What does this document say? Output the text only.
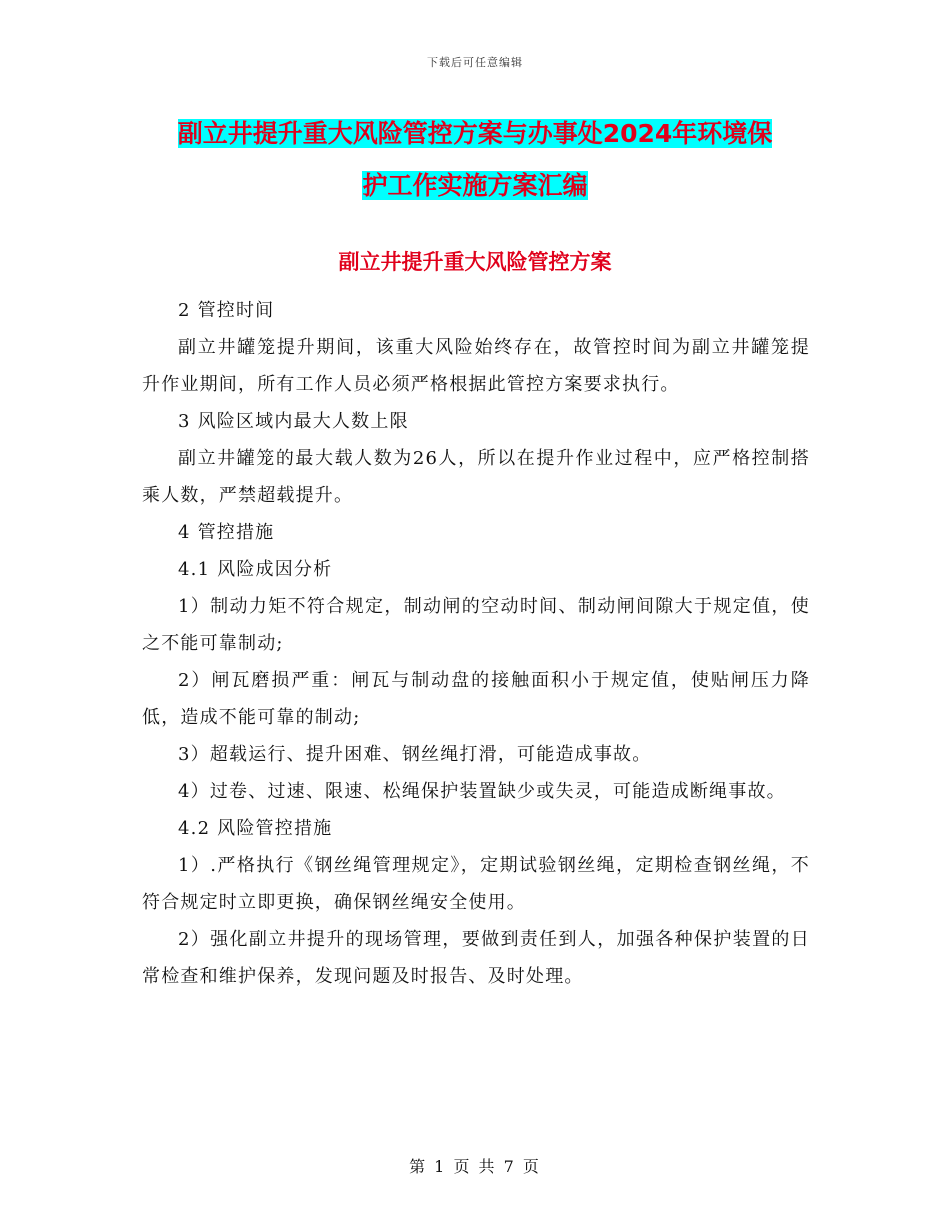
下载后可任意编辑
副立井提升重大风险管控方案与办事处2024年环境保
护工作实施方案汇编
副立井提升重大风险管控方案

2 管控时间

副立井罐笼提升期间，该重大风险始终存在，故管控时间为副立井罐笼提升作业期间，所有工作人员必须严格根据此管控方案要求执行。

3 风险区域内最大人数上限

副立井罐笼的最大载人数为26人，所以在提升作业过程中，应严格控制搭乘人数，严禁超载提升。

4 管控措施

4.1 风险成因分析

1）制动力矩不符合规定，制动闸的空动时间、制动闸间隙大于规定值，使之不能可靠制动;

2）闸瓦磨损严重：闸瓦与制动盘的接触面积小于规定值，使贴闸压力降低，造成不能可靠的制动;

3）超载运行、提升困难、钢丝绳打滑，可能造成事故。

4）过卷、过速、限速、松绳保护装置缺少或失灵，可能造成断绳事故。

4.2 风险管控措施

1）.严格执行《钢丝绳管理规定》，定期试验钢丝绳，定期检查钢丝绳，不符合规定时立即更换，确保钢丝绳安全使用。

2）强化副立井提升的现场管理，要做到责任到人，加强各种保护装置的日常检查和维护保养，发现问题及时报告、及时处理。

第 1 页 共 7 页
